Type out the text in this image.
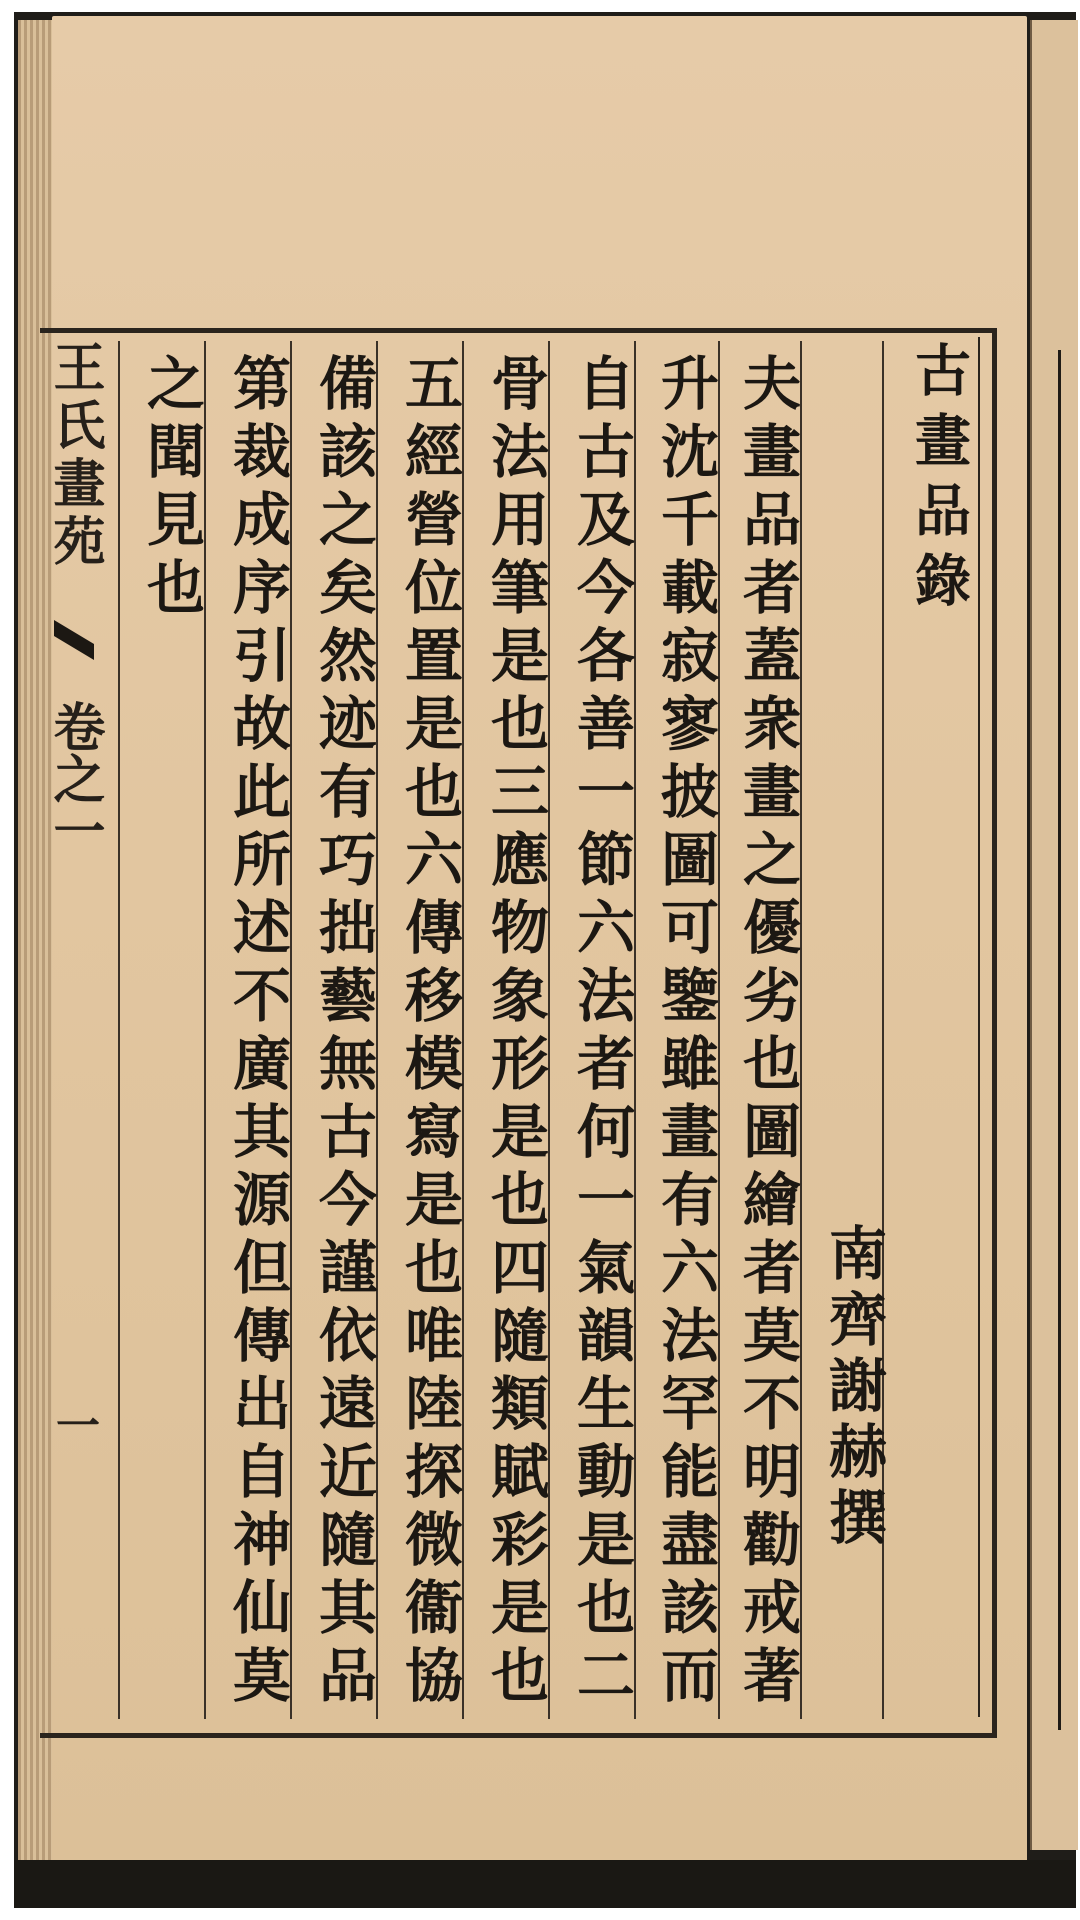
王氏畫苑
卷之一
一
古畫品錄
南齊謝赫撰
夫畫品者蓋衆畫之優劣也圖繪者莫不明勸戒著
升沈千載寂寥披圖可鑒雖畫有六法罕能盡該而
自古及今各善一節六法者何一氣韻生動是也二
骨法用筆是也三應物象形是也四隨類賦彩是也
五經營位置是也六傳移模寫是也唯陸探微衞協
備該之矣然迹有巧拙藝無古今謹依遠近隨其品
第裁成序引故此所述不廣其源但傳出自神仙莫
之聞見也
